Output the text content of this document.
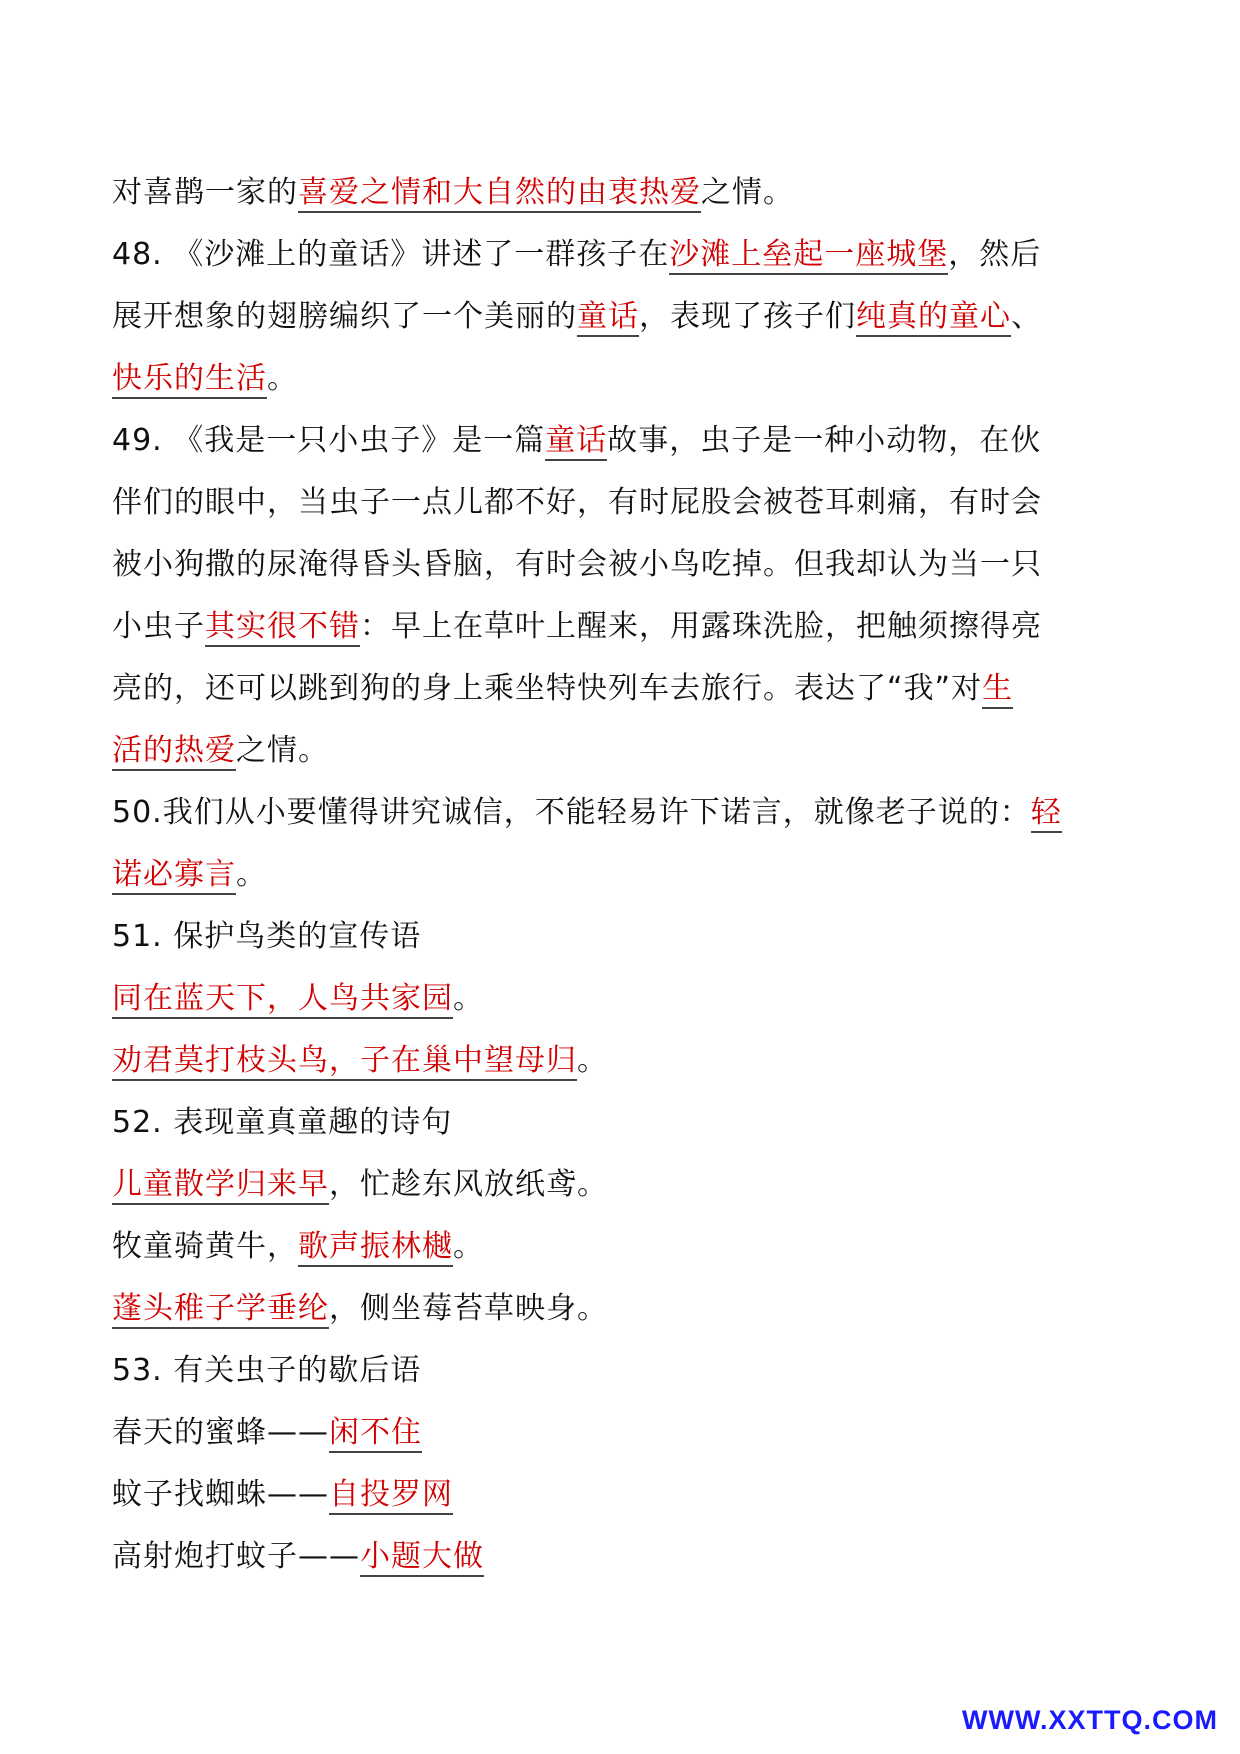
对喜鹊一家的喜爱之情和大自然的由衷热爱之情。
48. 《沙滩上的童话》讲述了一群孩子在沙滩上垒起一座城堡，然后
展开想象的翅膀编织了一个美丽的童话，表现了孩子们纯真的童心、
快乐的生活。
49. 《我是一只小虫子》是一篇童话故事，虫子是一种小动物，在伙
伴们的眼中，当虫子一点儿都不好，有时屁股会被苍耳刺痛，有时会
被小狗撒的尿淹得昏头昏脑，有时会被小鸟吃掉。但我却认为当一只
小虫子其实很不错：早上在草叶上醒来，用露珠洗脸，把触须擦得亮
亮的，还可以跳到狗的身上乘坐特快列车去旅行。表达了“我”对生
活的热爱之情。
50.我们从小要懂得讲究诚信，不能轻易许下诺言，就像老子说的：轻
诺必寡言。
51. 保护鸟类的宣传语
同在蓝天下，人鸟共家园。
劝君莫打枝头鸟，子在巢中望母归。
52. 表现童真童趣的诗句
儿童散学归来早，忙趁东风放纸鸢。
牧童骑黄牛，歌声振林樾。
蓬头稚子学垂纶，侧坐莓苔草映身。
53. 有关虫子的歇后语
春天的蜜蜂——闲不住
蚊子找蜘蛛——自投罗网
高射炮打蚊子——小题大做
WWW.XXTTQ.COM
